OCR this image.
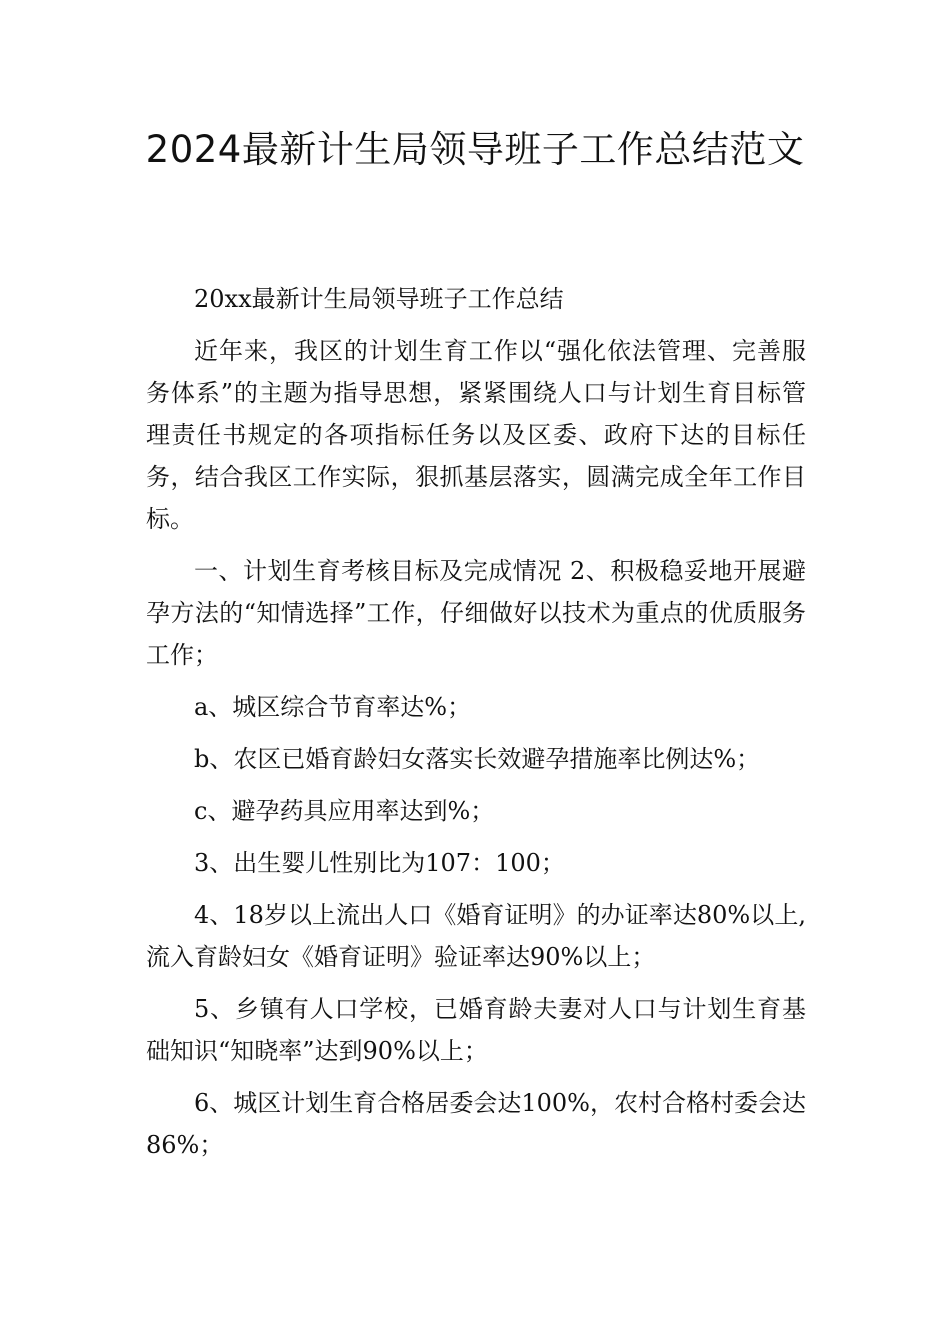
2024最新计生局领导班子工作总结范文

20xx最新计生局领导班子工作总结

近年来，我区的计划生育工作以“强化依法管理、完善服务体系”的主题为指导思想，紧紧围绕人口与计划生育目标管理责任书规定的各项指标任务以及区委、政府下达的目标任务，结合我区工作实际，狠抓基层落实，圆满完成全年工作目标。

一、计划生育考核目标及完成情况 2、积极稳妥地开展避孕方法的“知情选择”工作，仔细做好以技术为重点的优质服务工作；

a、城区综合节育率达%；

b、农区已婚育龄妇女落实长效避孕措施率比例达%；

c、避孕药具应用率达到%；

3、出生婴儿性别比为107：100；

4、18岁以上流出人口《婚育证明》的办证率达80%以上,流入育龄妇女《婚育证明》验证率达90%以上；

5、乡镇有人口学校，已婚育龄夫妻对人口与计划生育基础知识“知晓率”达到90%以上；

6、城区计划生育合格居委会达100%，农村合格村委会达86%；
